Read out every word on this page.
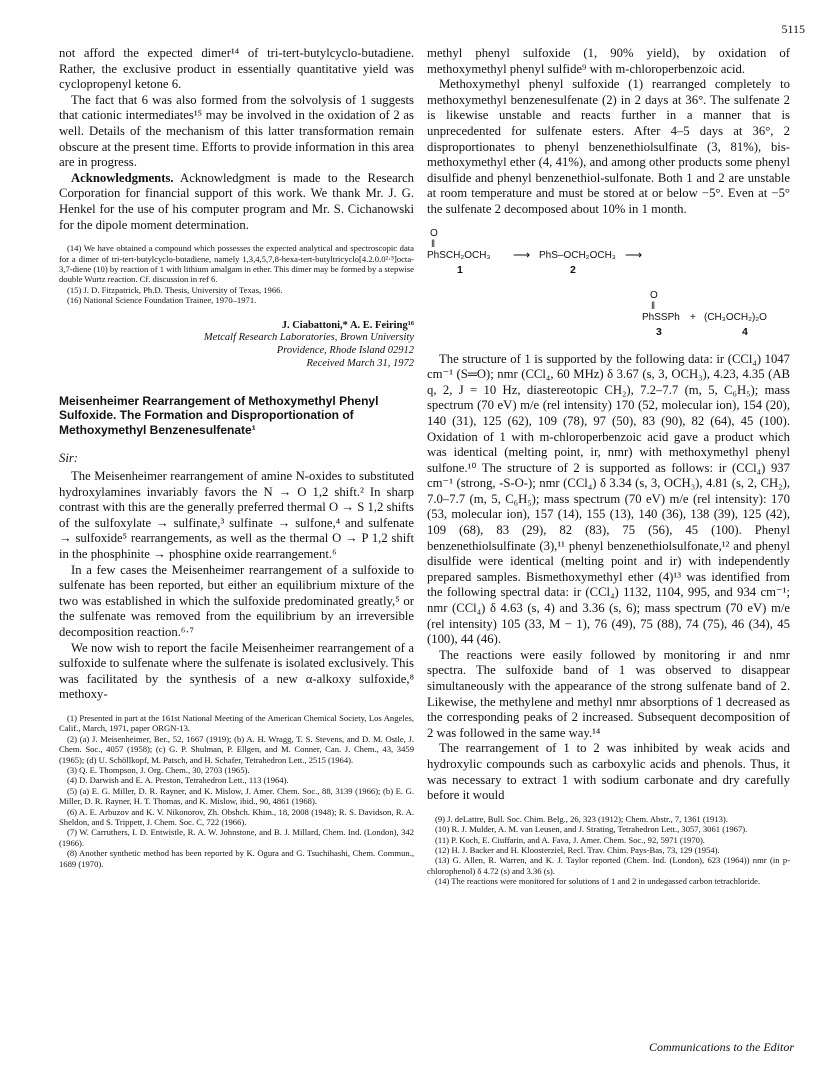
5115

not afford the expected dimer¹⁴ of tri-tert-butylcyclo-butadiene. Rather, the exclusive product in essentially quantitative yield was cyclopropenyl ketone 6.

The fact that 6 was also formed from the solvolysis of 1 suggests that cationic intermediates¹⁵ may be involved in the oxidation of 2 as well. Details of the mechanism of this latter transformation remain obscure at the present time. Efforts to provide information in this area are in progress.

Acknowledgments. Acknowledgment is made to the Research Corporation for financial support of this work. We thank Mr. J. G. Henkel for the use of his computer program and Mr. S. Cichanowski for the dipole moment determination.

(14) We have obtained a compound which possesses the expected analytical and spectroscopic data for a dimer of tri-tert-butylcyclo-butadiene, namely 1,3,4,5,7,8-hexa-tert-butyltricyclo[4.2.0.0²·⁵]octa-3,7-diene (10) by reaction of 1 with lithium amalgam in ether. This dimer may be formed by a stepwise double Wurtz reaction. Cf. discussion in ref 6.

(15) J. D. Fitzpatrick, Ph.D. Thesis, University of Texas, 1966.

(16) National Science Foundation Trainee, 1970–1971.

J. Ciabattoni,* A. E. Feiring¹⁶
Metcalf Research Laboratories, Brown University
Providence, Rhode Island 02912
Received March 31, 1972
Meisenheimer Rearrangement of Methoxymethyl Phenyl Sulfoxide. The Formation and Disproportionation of Methoxymethyl Benzenesulfenate¹

Sir:

The Meisenheimer rearrangement of amine N-oxides to substituted hydroxylamines invariably favors the N → O 1,2 shift.² In sharp contrast with this are the generally preferred thermal O → S 1,2 shifts of the sulfoxylate → sulfinate,³ sulfinate → sulfone,⁴ and sulfenate → sulfoxide⁵ rearrangements, as well as the thermal O → P 1,2 shift in the phosphinite → phosphine oxide rearrangement.⁶

In a few cases the Meisenheimer rearrangement of a sulfoxide to sulfenate has been reported, but either an equilibrium mixture of the two was established in which the sulfoxide predominated greatly,⁵ or the sulfenate was removed from the equilibrium by an irreversible decomposition reaction.⁶·⁷

We now wish to report the facile Meisenheimer rearrangement of a sulfoxide to sulfenate where the sulfenate is isolated exclusively. This was facilitated by the synthesis of a new α-alkoxy sulfoxide,⁸ methoxy-

(1) Presented in part at the 161st National Meeting of the American Chemical Society, Los Angeles, Calif., March, 1971, paper ORGN-13.

(2) (a) J. Meisenheimer, Ber., 52, 1667 (1919); (b) A. H. Wragg, T. S. Stevens, and D. M. Ostle, J. Chem. Soc., 4057 (1958); (c) G. P. Shulman, P. Ellgen, and M. Conner, Can. J. Chem., 43, 3459 (1965); (d) U. Schöllkopf, M. Patsch, and H. Schafer, Tetrahedron Lett., 2515 (1964).

(3) Q. E. Thompson, J. Org. Chem., 30, 2703 (1965).

(4) D. Darwish and E. A. Preston, Tetrahedron Lett., 113 (1964).

(5) (a) E. G. Miller, D. R. Rayner, and K. Mislow, J. Amer. Chem. Soc., 88, 3139 (1966); (b) E. G. Miller, D. R. Rayner, H. T. Thomas, and K. Mislow, ibid., 90, 4861 (1968).

(6) A. E. Arbuzov and K. V. Nikonorov, Zh. Obshch. Khim., 18, 2008 (1948); R. S. Davidson, R. A. Sheldon, and S. Trippett, J. Chem. Soc. C, 722 (1966).

(7) W. Carruthers, I. D. Entwistle, R. A. W. Johnstone, and B. J. Millard, Chem. Ind. (London), 342 (1966).

(8) Another synthetic method has been reported by K. Ogura and G. Tsuchihashi, Chem. Commun., 1689 (1970).

methyl phenyl sulfoxide (1, 90% yield), by oxidation of methoxymethyl phenyl sulfide⁹ with m-chloroperbenzoic acid.

Methoxymethyl phenyl sulfoxide (1) rearranged completely to methoxymethyl benzenesulfenate (2) in 2 days at 36°. The sulfenate 2 is likewise unstable and reacts further in a manner that is unprecedented for sulfenate esters. After 4–5 days at 36°, 2 disproportionates to phenyl benzenethiolsulfinate (3, 81%), bis-methoxymethyl ether (4, 41%), and among other products some phenyl disulfide and phenyl benzenethiol-sulfonate. Both 1 and 2 are unstable at room temperature and must be stored at or below −5°. Even at −5° the sulfenate 2 decomposed about 10% in 1 month.

O
‖
PhSCH₂OCH₃ ⟶ PhS–OCH₂OCH₃ ⟶
1	2
O
‖
PhSSPh + (CH₃OCH₂)₂O
3	4

The structure of 1 is supported by the following data: ir (CCl₄) 1047 cm⁻¹ (S═O); nmr (CCl₄, 60 MHz) δ 3.67 (s, 3, OCH₃), 4.23, 4.35 (AB q, 2, J = 10 Hz, diastereotopic CH₂), 7.2–7.7 (m, 5, C₆H₅); mass spectrum (70 eV) m/e (rel intensity) 170 (52, molecular ion), 154 (20), 140 (31), 125 (62), 109 (78), 97 (50), 83 (90), 82 (64), 45 (100). Oxidation of 1 with m-chloroperbenzoic acid gave a product which was identical (melting point, ir, nmr) with methoxymethyl phenyl sulfone.¹⁰ The structure of 2 is supported as follows: ir (CCl₄) 937 cm⁻¹ (strong, -S-O-); nmr (CCl₄) δ 3.34 (s, 3, OCH₃), 4.81 (s, 2, CH₂), 7.0–7.7 (m, 5, C₆H₅); mass spectrum (70 eV) m/e (rel intensity): 170 (53, molecular ion), 157 (14), 155 (13), 140 (36), 138 (39), 125 (42), 109 (68), 83 (29), 82 (83), 75 (56), 45 (100). Phenyl benzenethiolsulfinate (3),¹¹ phenyl benzenethiolsulfonate,¹² and phenyl disulfide were identical (melting point and ir) with independently prepared samples. Bismethoxymethyl ether (4)¹³ was identified from the following spectral data: ir (CCl₄) 1132, 1104, 995, and 934 cm⁻¹; nmr (CCl₄) δ 4.63 (s, 4) and 3.36 (s, 6); mass spectrum (70 eV) m/e (rel intensity) 105 (33, M − 1), 76 (49), 75 (88), 74 (75), 46 (34), 45 (100), 44 (46).

The reactions were easily followed by monitoring ir and nmr spectra. The sulfoxide band of 1 was observed to disappear simultaneously with the appearance of the strong sulfenate band of 2. Likewise, the methylene and methyl nmr absorptions of 1 decreased as the corresponding peaks of 2 increased. Subsequent decomposition of 2 was followed in the same way.¹⁴

The rearrangement of 1 to 2 was inhibited by weak acids and hydroxylic compounds such as carboxylic acids and phenols. Thus, it was necessary to extract 1 with sodium carbonate and dry carefully before it would

(9) J. deLattre, Bull. Soc. Chim. Belg., 26, 323 (1912); Chem. Abstr., 7, 1361 (1913).

(10) R. J. Mulder, A. M. van Leusen, and J. Strating, Tetrahedron Lett., 3057, 3061 (1967).

(11) P. Koch, E. Ciuffarin, and A. Fava, J. Amer. Chem. Soc., 92, 5971 (1970).

(12) H. J. Backer and H. Kloosterziel, Recl. Trav. Chim. Pays-Bas, 73, 129 (1954).

(13) G. Allen, R. Warren, and K. J. Taylor reported (Chem. Ind. (London), 623 (1964)) nmr (in p-chlorophenol) δ 4.72 (s) and 3.36 (s).

(14) The reactions were monitored for solutions of 1 and 2 in undegassed carbon tetrachloride.

Communications to the Editor
